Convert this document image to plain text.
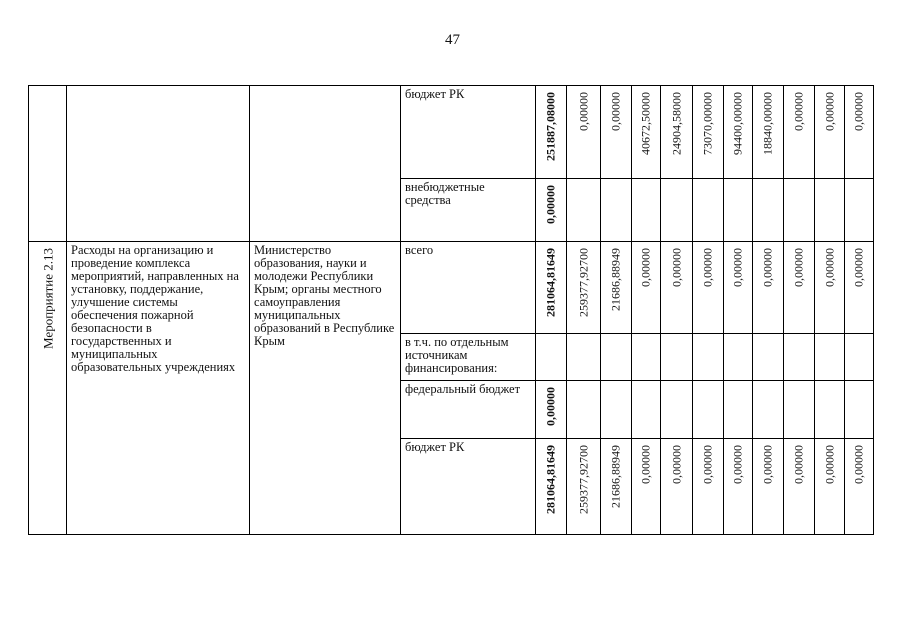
47

			бюджет РК	251887,08000	0,00000	0,00000	40672,50000	24904,58000	73070,00000	94400,00000	18840,00000	0,00000	0,00000	0,00000

			внебюджетные средства	0,00000										

Мероприятие 2.13	Расходы на организацию и проведение комплекса мероприятий, направленных на установку, поддержание, улучшение системы обеспечения пожарной безопасности в государственных и муниципальных образовательных учреждениях	Министерство образования, науки и молодежи Республики Крым; органы местного самоуправления муниципальных образований в Республике Крым	всего	281064,81649	259377,92700	21686,88949	0,00000	0,00000	0,00000	0,00000	0,00000	0,00000	0,00000	0,00000

			в т.ч. по отдельным источникам финансирования:											

			федеральный бюджет	0,00000										

			бюджет РК	281064,81649	259377,92700	21686,88949	0,00000	0,00000	0,00000	0,00000	0,00000	0,00000	0,00000	0,00000
